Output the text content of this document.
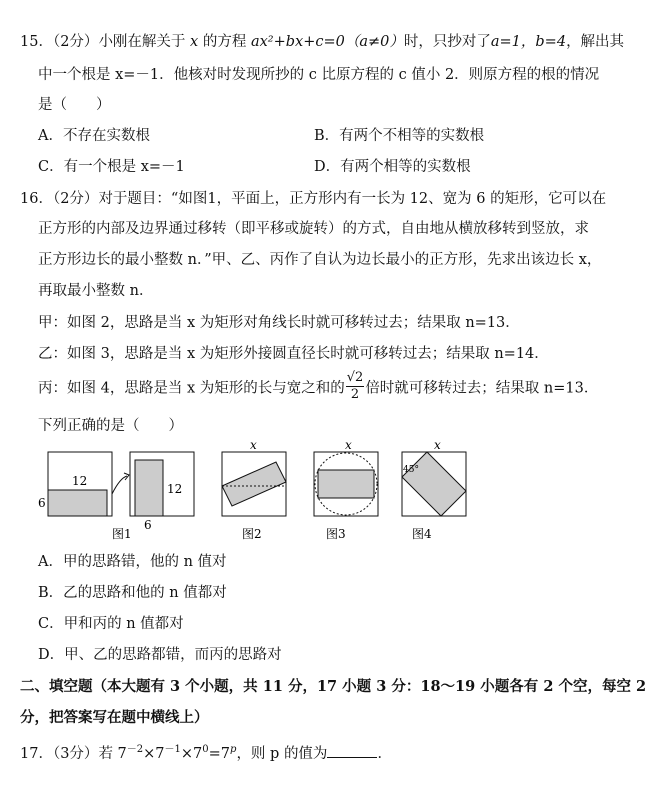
15．（2分）小刚在解关于 x 的方程 ax²+bx+c=0（a≠0）时，只抄对了a=1，b=4，解出其
中一个根是 x=－1．他核对时发现所抄的 c 比原方程的 c 值小 2．则原方程的根的情况
是（　　）
A．不存在实数根	B．有两个不相等的实数根
C．有一个根是 x=－1	D．有两个相等的实数根
16．（2分）对于题目：“如图1，平面上，正方形内有一长为 12、宽为 6 的矩形，它可以在
正方形的内部及边界通过移转（即平移或旋转）的方式，自由地从横放移转到竖放，求
正方形边长的最小整数 n．”甲、乙、丙作了自认为边长最小的正方形，先求出该边长 x，
再取最小整数 n．
甲：如图 2，思路是当 x 为矩形对角线长时就可移转过去；结果取 n=13．
乙：如图 3，思路是当 x 为矩形外接圆直径长时就可移转过去；结果取 n=14．
丙：如图 4，思路是当 x 为矩形的长与宽之和的 $\frac{√2}{2}$ 倍时就可移转过去；结果取 n=13．
下列正确的是（　　）
12
6
12
6
图1
x
图2
x
图3
x
45°
图4
A．甲的思路错，他的 n 值对
B．乙的思路和他的 n 值都对
C．甲和丙的 n 值都对
D．甲、乙的思路都错，而丙的思路对
二、填空题（本大题有 3 个小题，共 11 分，17 小题 3 分：18～19 小题各有 2 个空，每空 2
分，把答案写在题中横线上）
17．（3分）若 $7^{-2}\times 7^{-1}\times 7^0=7^p$，则 p 的值为	．
